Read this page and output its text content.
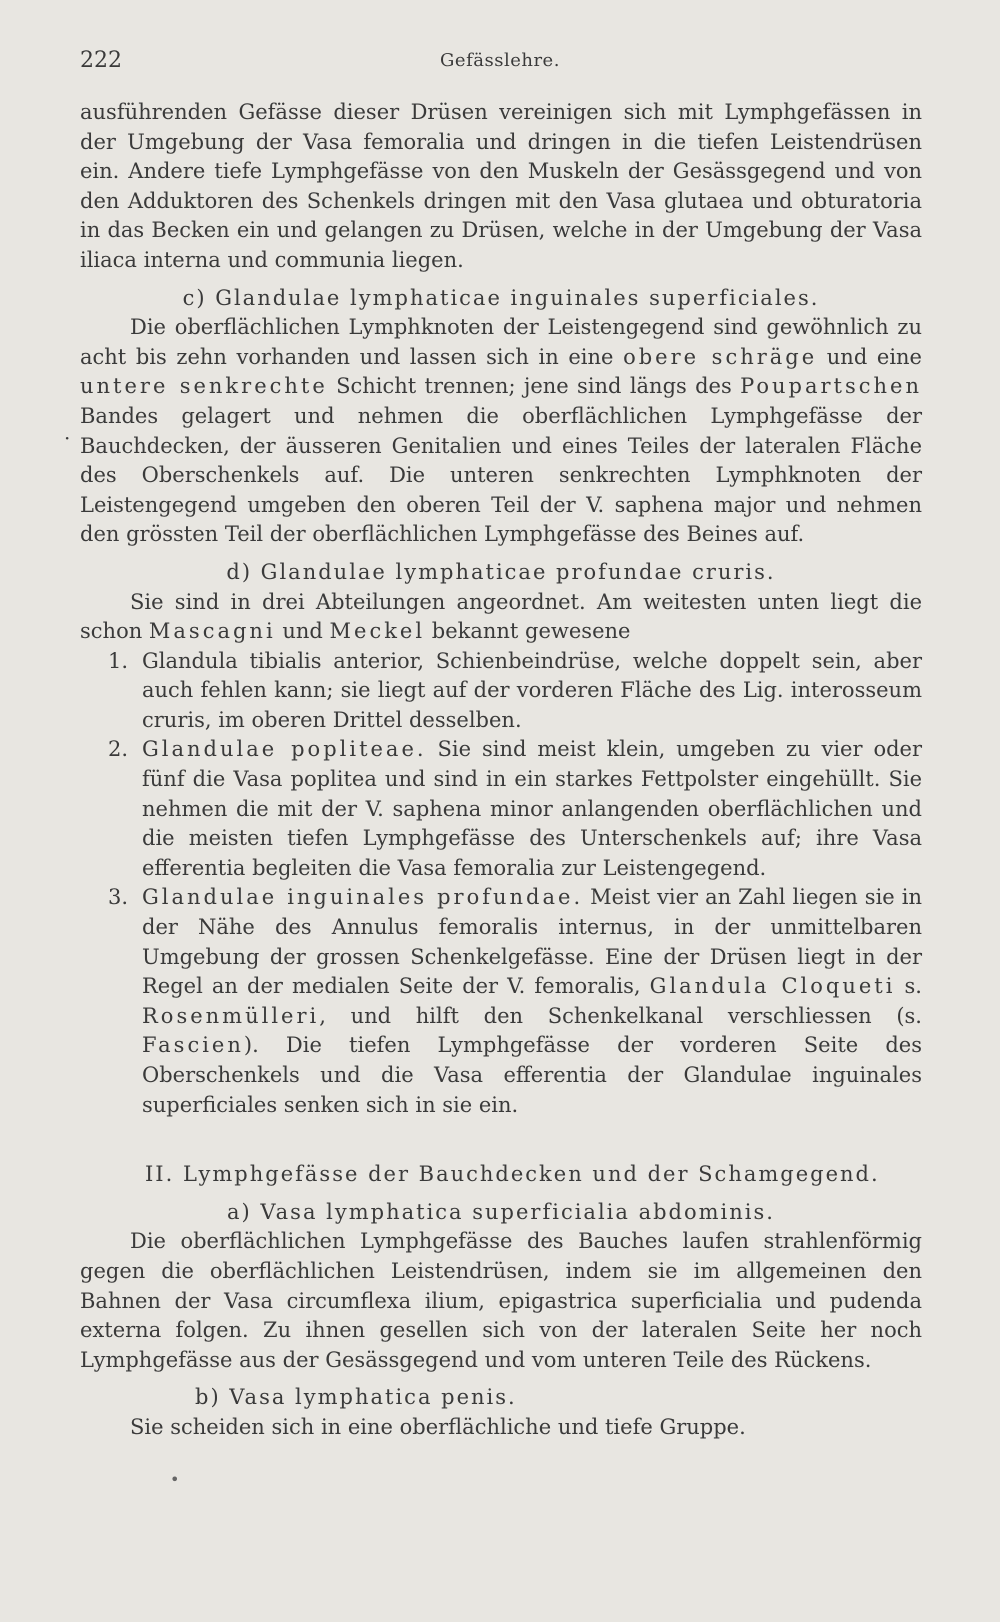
222	Gefässlehre.
·

ausführenden Gefässe dieser Drüsen vereinigen sich mit Lymphgefässen in der Umgebung der Vasa femoralia und dringen in die tiefen Leistendrüsen ein. Andere tiefe Lymphgefässe von den Muskeln der Gesässgegend und von den Adduktoren des Schenkels dringen mit den Vasa glutaea und obturatoria in das Becken ein und gelangen zu Drüsen, welche in der Umgebung der Vasa iliaca interna und communia liegen.

c) Glandulae lymphaticae inguinales superficiales.

Die oberflächlichen Lymphknoten der Leistengegend sind gewöhnlich zu acht bis zehn vorhanden und lassen sich in eine obere schräge und eine untere senkrechte Schicht trennen; jene sind längs des Poupartschen Bandes gelagert und nehmen die oberflächlichen Lymphgefässe der Bauchdecken, der äusseren Genitalien und eines Teiles der lateralen Fläche des Oberschenkels auf. Die unteren senkrechten Lymphknoten der Leistengegend umgeben den oberen Teil der V. saphena major und nehmen den grössten Teil der oberflächlichen Lymphgefässe des Beines auf.

d) Glandulae lymphaticae profundae cruris.

Sie sind in drei Abteilungen angeordnet. Am weitesten unten liegt die schon Mascagni und Meckel bekannt gewesene

1. Glandula tibialis anterior, Schienbeindrüse, welche doppelt sein, aber auch fehlen kann; sie liegt auf der vorderen Fläche des Lig. interosseum cruris, im oberen Drittel desselben.
2. Glandulae popliteae. Sie sind meist klein, umgeben zu vier oder fünf die Vasa poplitea und sind in ein starkes Fettpolster eingehüllt. Sie nehmen die mit der V. saphena minor anlangenden oberflächlichen und die meisten tiefen Lymphgefässe des Unterschenkels auf; ihre Vasa efferentia begleiten die Vasa femoralia zur Leistengegend.
3. Glandulae inguinales profundae. Meist vier an Zahl liegen sie in der Nähe des Annulus femoralis internus, in der unmittelbaren Umgebung der grossen Schenkelgefässe. Eine der Drüsen liegt in der Regel an der medialen Seite der V. femoralis, Glandula Cloqueti s. Rosenmülleri, und hilft den Schenkelkanal verschliessen (s. Fascien). Die tiefen Lymphgefässe der vorderen Seite des Oberschenkels und die Vasa efferentia der Glandulae inguinales superficiales senken sich in sie ein.

II. Lymphgefässe der Bauchdecken und der Schamgegend.

a) Vasa lymphatica superficialia abdominis.

Die oberflächlichen Lymphgefässe des Bauches laufen strahlenförmig gegen die oberflächlichen Leistendrüsen, indem sie im allgemeinen den Bahnen der Vasa circumflexa ilium, epigastrica superficialia und pudenda externa folgen. Zu ihnen gesellen sich von der lateralen Seite her noch Lymphgefässe aus der Gesässgegend und vom unteren Teile des Rückens.

b) Vasa lymphatica penis.

Sie scheiden sich in eine oberflächliche und tiefe Gruppe.

•
